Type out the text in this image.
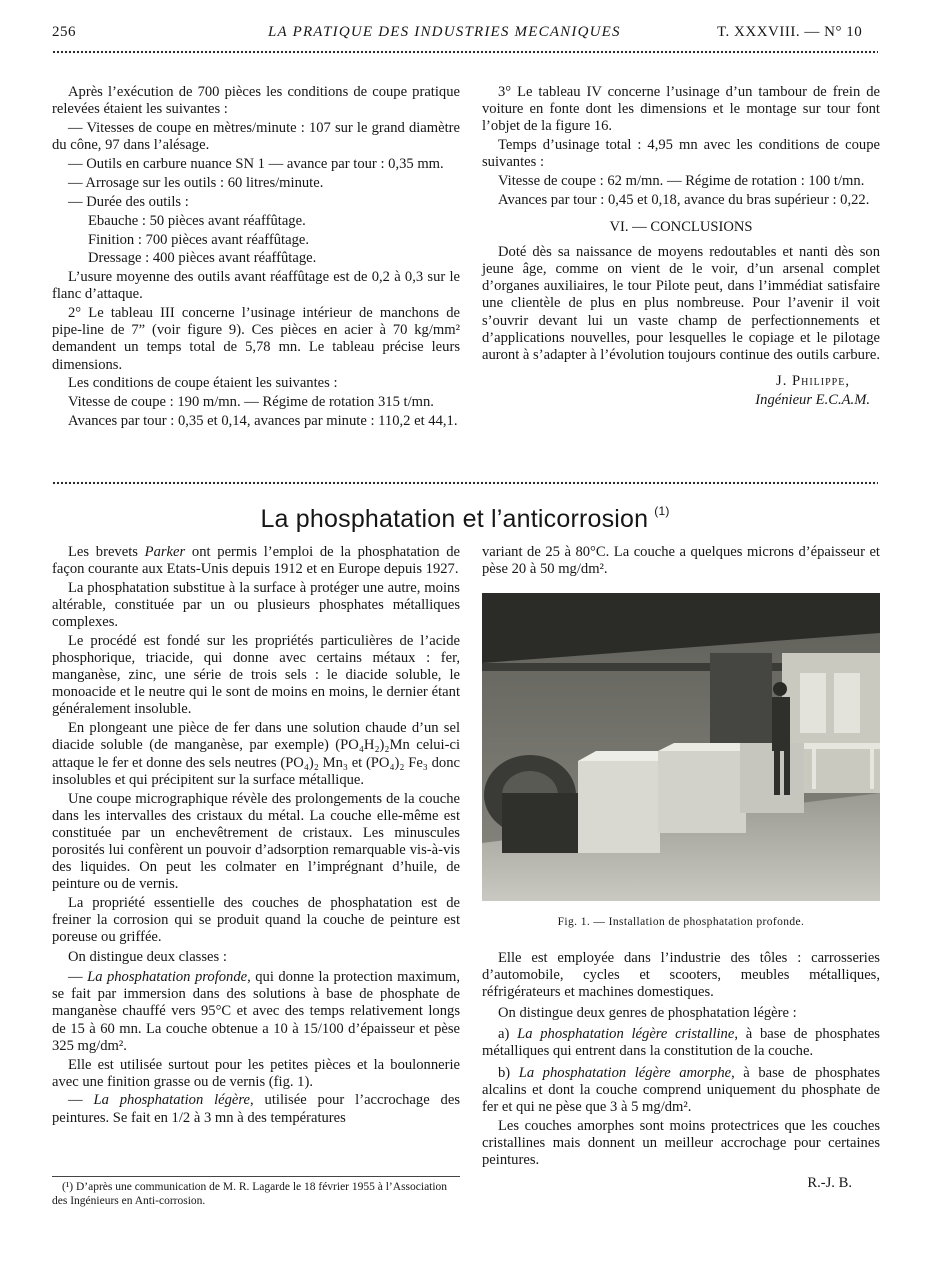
256	LA PRATIQUE DES INDUSTRIES MECANIQUES	T. XXXVIII. — N° 10

Après l’exécution de 700 pièces les conditions de coupe pratique relevées étaient les suivantes :

— Vitesses de coupe en mètres/minute : 107 sur le grand diamètre du cône, 97 dans l’alésage.

— Outils en carbure nuance SN 1 — avance par tour : 0,35 mm.

— Arrosage sur les outils : 60 litres/minute.

— Durée des outils :

Ebauche : 50 pièces avant réaffûtage.

Finition : 700 pièces avant réaffûtage.

Dressage : 400 pièces avant réaffûtage.

L’usure moyenne des outils avant réaffûtage est de 0,2 à 0,3 sur le flanc d’attaque.

2° Le tableau III concerne l’usinage intérieur de manchons de pipe-line de 7” (voir figure 9). Ces pièces en acier à 70 kg/mm² demandent un temps total de 5,78 mn. Le tableau précise leurs dimensions.

Les conditions de coupe étaient les suivantes :

Vitesse de coupe : 190 m/mn. — Régime de rotation 315 t/mn.

Avances par tour : 0,35 et 0,14, avances par minute : 110,2 et 44,1.

3° Le tableau IV concerne l’usinage d’un tambour de frein de voiture en fonte dont les dimensions et le montage sur tour font l’objet de la figure 16.

Temps d’usinage total : 4,95 mn avec les conditions de coupe suivantes :

Vitesse de coupe : 62 m/mn. — Régime de rotation : 100 t/mn.

Avances par tour : 0,45 et 0,18, avance du bras supérieur : 0,22.

VI. — CONCLUSIONS

Doté dès sa naissance de moyens redoutables et nanti dès son jeune âge, comme on vient de le voir, d’un arsenal complet d’organes auxiliaires, le tour Pilote peut, dans l’immédiat satisfaire une clientèle de plus en plus nombreuse. Pour l’avenir il voit s’ouvrir devant lui un vaste champ de perfectionnements et d’applications nouvelles, pour lesquelles le copiage et le pilotage auront à s’adapter à l’évolution toujours continue des outils carbure.

J. Philippe,

Ingénieur E.C.A.M.

La phosphatation et l’anticorrosion $^{(1)}$

Les brevets Parker ont permis l’emploi de la phosphatation de façon courante aux Etats-Unis depuis 1912 et en Europe depuis 1927.

La phosphatation substitue à la surface à protéger une autre, moins altérable, constituée par un ou plusieurs phosphates métalliques complexes.

Le procédé est fondé sur les propriétés particulières de l’acide phosphorique, triacide, qui donne avec certains métaux : fer, manganèse, zinc, une série de trois sels : le diacide soluble, le monoacide et le neutre qui le sont de moins en moins, le dernier étant généralement insoluble.

En plongeant une pièce de fer dans une solution chaude d’un sel diacide soluble (de manganèse, par exemple) (PO₄H₂)₂Mn celui-ci attaque le fer et donne des sels neutres (PO₄)₂ Mn₃ et (PO₄)₂ Fe₃ donc insolubles et qui précipitent sur la surface métallique.

Une coupe micrographique révèle des prolongements de la couche dans les intervalles des cristaux du métal. La couche elle-même est constituée par un enchevêtrement de cristaux. Les minuscules porosités lui confèrent un pouvoir d’adsorption remarquable vis-à-vis des liquides. On peut les colmater en l’imprégnant d’huile, de peinture ou de vernis.

La propriété essentielle des couches de phosphatation est de freiner la corrosion qui se produit quand la couche de peinture est poreuse ou griffée.

On distingue deux classes :

— La phosphatation profonde, qui donne la protection maximum, se fait par immersion dans des solutions à base de phosphate de manganèse chauffé vers 95°C et avec des temps relativement longs de 15 à 60 mn. La couche obtenue a 10 à 15/100 d’épaisseur et pèse 325 mg/dm².

Elle est utilisée surtout pour les petites pièces et la boulonnerie avec une finition grasse ou de vernis (fig. 1).

— La phosphatation légère, utilisée pour l’accrochage des peintures. Se fait en 1/2 à 3 mn à des températures

(¹) D’après une communication de M. R. Lagarde le 18 février 1955 à l’Association des Ingénieurs en Anti-corrosion.

variant de 25 à 80°C. La couche a quelques microns d’épaisseur et pèse 20 à 50 mg/dm².

Fig. 1. — Installation de phosphatation profonde.

Elle est employée dans l’industrie des tôles : carrosseries d’automobile, cycles et scooters, meubles métalliques, réfrigérateurs et machines domestiques.

On distingue deux genres de phosphatation légère :

a) La phosphatation légère cristalline, à base de phosphates métalliques qui entrent dans la constitution de la couche.

b) La phosphatation légère amorphe, à base de phosphates alcalins et dont la couche comprend uniquement du phosphate de fer et qui ne pèse que 3 à 5 mg/dm².

Les couches amorphes sont moins protectrices que les couches cristallines mais donnent un meilleur accrochage pour certaines peintures.

R.-J. B.
